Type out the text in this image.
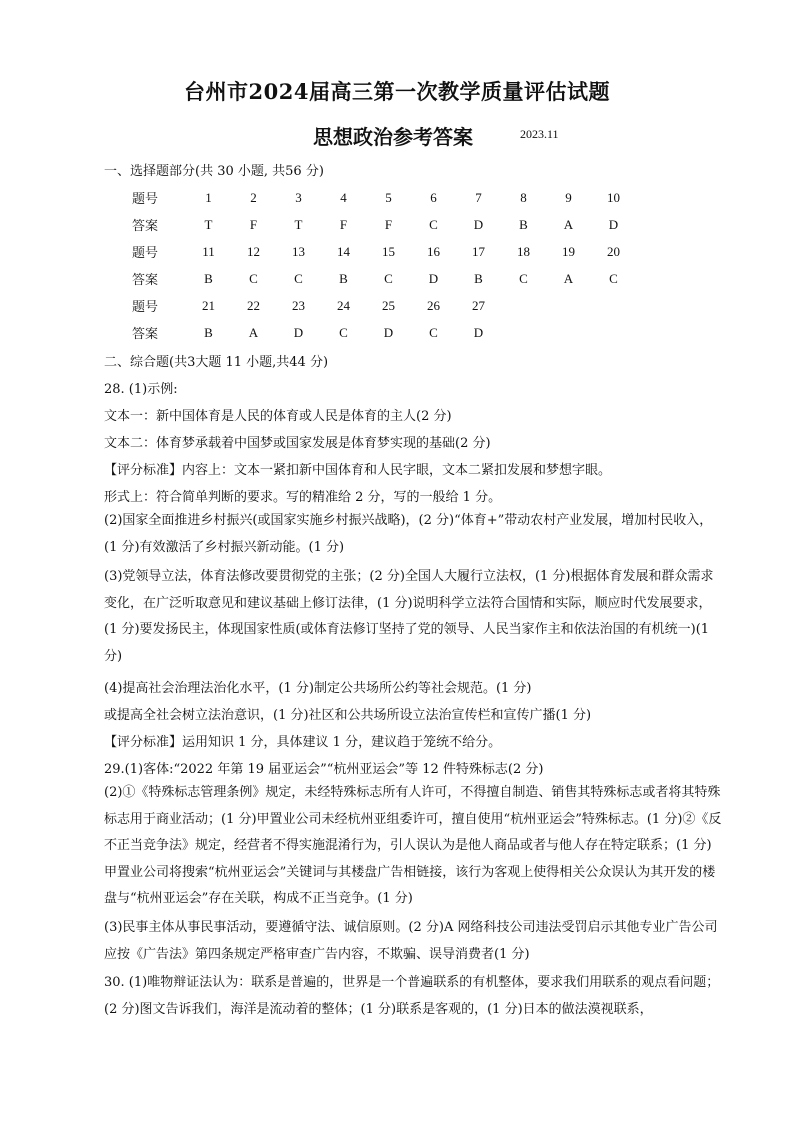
台州市2024届高三第一次教学质量评估试题
思想政治参考答案	2023.11
一、选择题部分(共 30 小题, 共56 分)
题号	1	2	3	4	5	6	7	8	9	10
答案	T	F	T	F	F	C	D	B	A	D
题号	11	12	13	14	15	16	17	18	19	20
答案	B	C	C	B	C	D	B	C	A	C
题号	21	22	23	24	25	26	27			
答案	B	A	D	C	D	C	D			
二、综合题(共3大题 11 小题,共44 分)
28. (1)示例:
文本一：新中国体育是人民的体育或人民是体育的主人(2 分)
文本二：体育梦承载着中国梦或国家发展是体育梦实现的基础(2 分)
【评分标准】内容上：文本一紧扣新中国体育和人民字眼，文本二紧扣发展和梦想字眼。
形式上：符合简单判断的要求。写的精准给 2 分，写的一般给 1 分。
(2)国家全面推进乡村振兴(或国家实施乡村振兴战略)，(2 分)“体育+”带动农村产业发展，增加村民收入，(1 分)有效激活了乡村振兴新动能。(1 分)
(3)党领导立法，体育法修改要贯彻党的主张；(2 分)全国人大履行立法权，(1 分)根据体育发展和群众需求变化，在广泛听取意见和建议基础上修订法律，(1 分)说明科学立法符合国情和实际，顺应时代发展要求，(1 分)要发扬民主，体现国家性质(或体育法修订坚持了党的领导、人民当家作主和依法治国的有机统一)(1 分)
(4)提高社会治理法治化水平，(1 分)制定公共场所公约等社会规范。(1 分)
或提高全社会树立法治意识，(1 分)社区和公共场所设立法治宣传栏和宣传广播(1 分)
【评分标准】运用知识 1 分，具体建议 1 分，建议趋于笼统不给分。
29.(1)客体:“2022 年第 19 届亚运会”“杭州亚运会”等 12 件特殊标志(2 分)
(2)①《特殊标志管理条例》规定，未经特殊标志所有人许可，不得擅自制造、销售其特殊标志或者将其特殊标志用于商业活动；(1 分)甲置业公司未经杭州亚组委许可，擅自使用“杭州亚运会”特殊标志。(1 分)②《反不正当竞争法》规定，经营者不得实施混淆行为，引人误认为是他人商品或者与他人存在特定联系；(1 分)甲置业公司将搜索“杭州亚运会”关键词与其楼盘广告相链接，该行为客观上使得相关公众误认为其开发的楼盘与“杭州亚运会”存在关联，构成不正当竞争。(1 分)
(3)民事主体从事民事活动，要遵循守法、诚信原则。(2 分)A 网络科技公司违法受罚启示其他专业广告公司应按《广告法》第四条规定严格审查广告内容，不欺骗、误导消费者(1 分)
30. (1)唯物辩证法认为：联系是普遍的，世界是一个普遍联系的有机整体，要求我们用联系的观点看问题；(2 分)图文告诉我们，海洋是流动着的整体；(1 分)联系是客观的，(1 分)日本的做法漠视联系，
